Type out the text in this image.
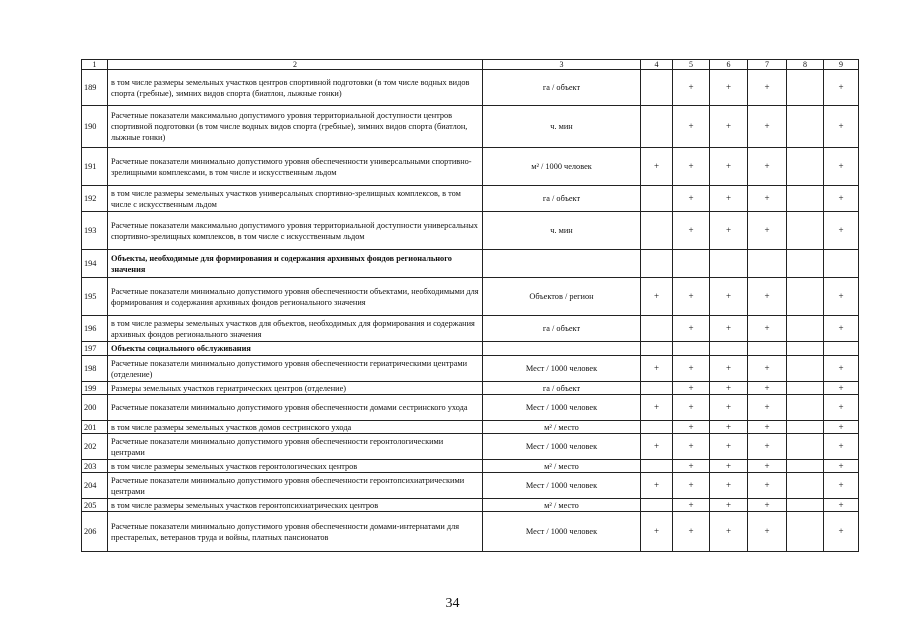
1	2	3	4	5	6	7	8	9
189	в том числе размеры земельных участков центров спортивной подготовки (в том числе водных видов спорта (гребные), зимних видов спорта (биатлон, лыжные гонки)	га / объект		+	+	+		+
190	Расчетные показатели максимально допустимого уровня территориальной доступности центров спортивной подготовки (в том числе водных видов спорта (гребные), зимних видов спорта (биатлон, лыжные гонки)	ч. мин		+	+	+		+
191	Расчетные показатели минимально допустимого уровня обеспеченности универсальными спортивно-зрелищными комплексами, в том числе и искусственным льдом	м² / 1000 человек	+	+	+	+		+
192	в том числе размеры земельных участков универсальных спортивно-зрелищных комплексов, в том числе с искусственным льдом	га / объект		+	+	+		+
193	Расчетные показатели максимально допустимого уровня территориальной доступности универсальных спортивно-зрелищных комплексов, в том числе с искусственным льдом	ч. мин		+	+	+		+
194	Объекты, необходимые для формирования и содержания архивных фондов регионального значения							
195	Расчетные показатели минимально допустимого уровня обеспеченности объектами, необходимыми для формирования и содержания архивных фондов регионального значения	Объектов / регион	+	+	+	+		+
196	в том числе размеры земельных участков для объектов, необходимых для формирования и содержания архивных фондов регионального значения	га / объект		+	+	+		+
197	Объекты социального обслуживания							
198	Расчетные показатели минимально допустимого уровня обеспеченности гериатрическими центрами (отделение)	Мест / 1000 человек	+	+	+	+		+
199	Размеры земельных участков гериатрических центров (отделение)	га / объект		+	+	+		+
200	Расчетные показатели минимально допустимого уровня обеспеченности домами сестринского ухода	Мест / 1000 человек	+	+	+	+		+
201	в том числе размеры земельных участков домов сестринского ухода	м² / место		+	+	+		+
202	Расчетные показатели минимально допустимого уровня обеспеченности геронтологическими центрами	Мест / 1000 человек	+	+	+	+		+
203	в том числе размеры земельных участков геронтологических центров	м² / место		+	+	+		+
204	Расчетные показатели минимально допустимого уровня обеспеченности геронтопсихиатрическими центрами	Мест / 1000 человек	+	+	+	+		+
205	в том числе размеры земельных участков геронтопсихиатрических центров	м² / место		+	+	+		+
206	Расчетные показатели минимально допустимого уровня обеспеченности домами-интернатами для престарелых, ветеранов труда и войны, платных пансионатов	Мест / 1000 человек	+	+	+	+		+
34
